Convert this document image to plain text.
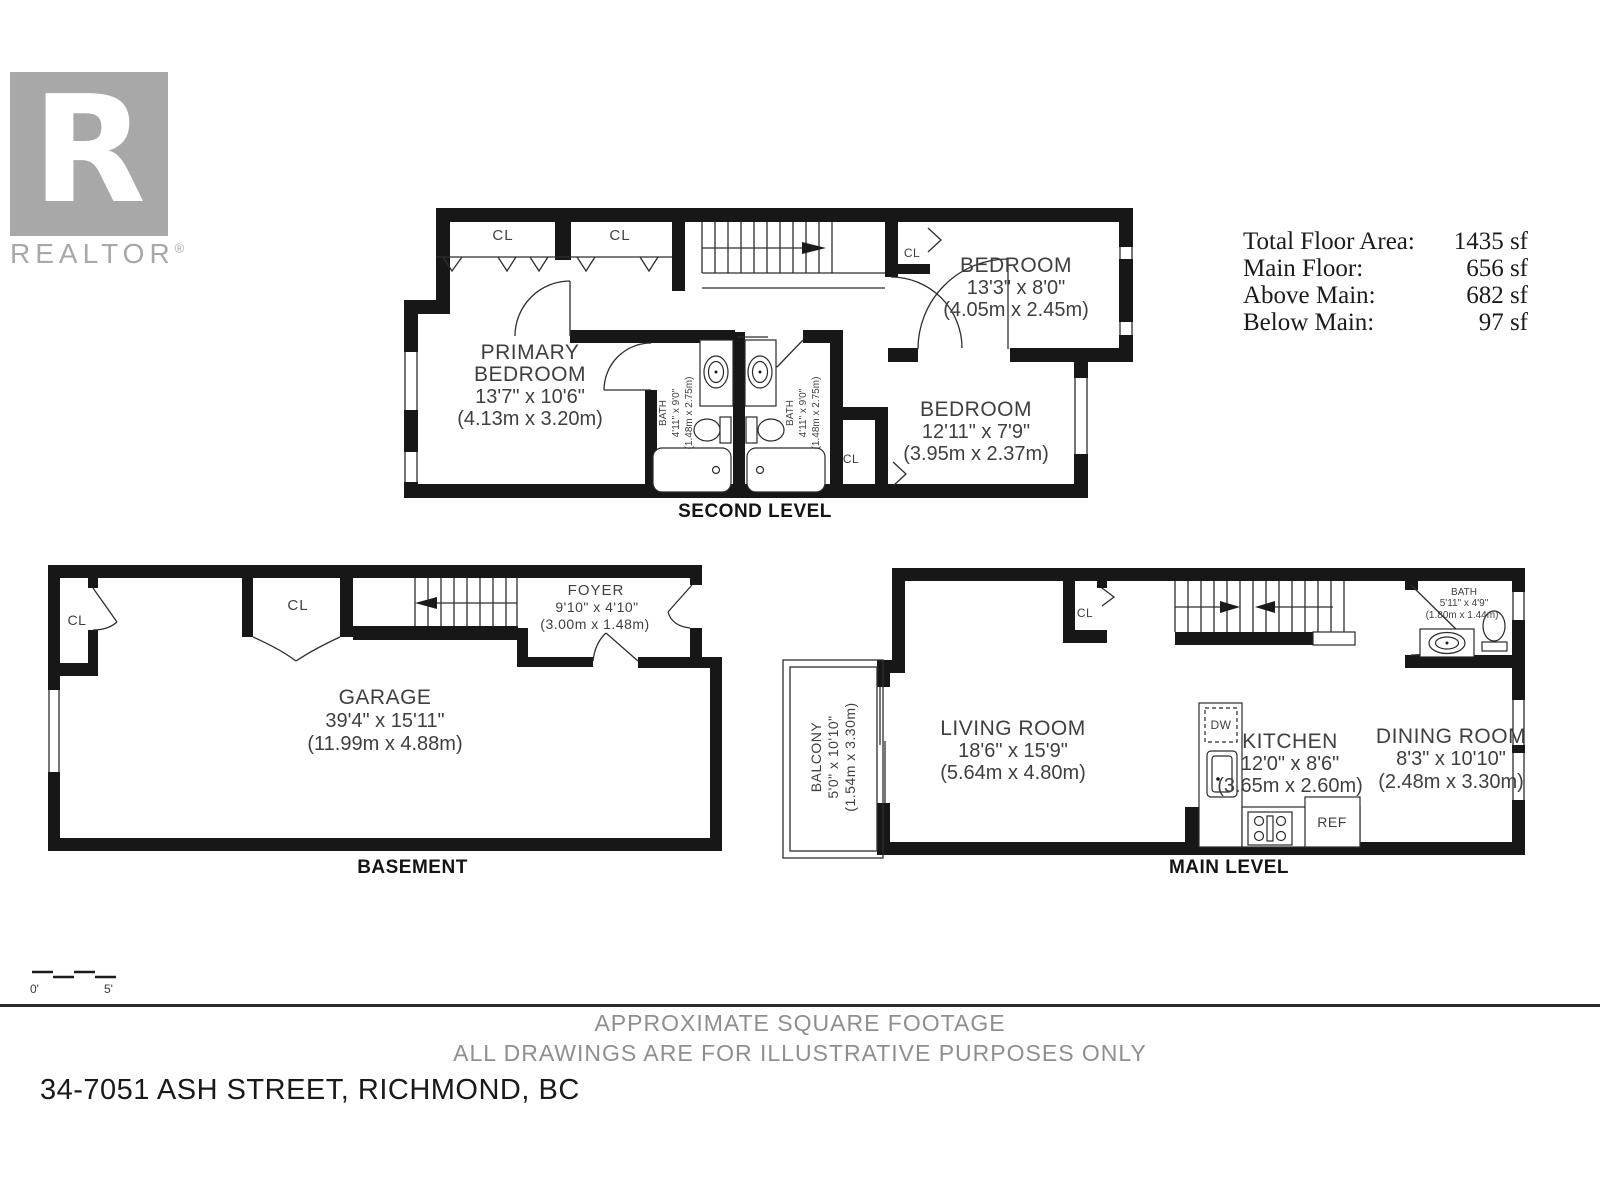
R
REALTOR®	Total Floor Area: 1435 sf
Main Floor:	656 sf
Above Main:	682 sf
Below Main:	97 sf
CL	CL
CL
CL
PRIMARY
BEDROOM
13'7" x 10'6"
(4.13m x 3.20m)
BEDROOM
13'3" x 8'0"
(4.05m x 2.45m)
BEDROOM
12'11" x 7'9"
(3.95m x 2.37m)
BATH 4'11" x 9'0" (1.48m x 2.75m)	BATH 4'11" x 9'0" (1.48m x 2.75m)
SECOND LEVEL
CL
CL
GARAGE
39'4" x 15'11"
(11.99m x 4.88m)
FOYER
9'10" x 4'10"
(3.00m x 1.48m)
BASEMENT
CL
LIVING ROOM
18'6" x 15'9"
(5.64m x 4.80m)
KITCHEN
12'0" x 8'6"
(3.65m x 2.60m)
DINING ROOM
8'3" x 10'10"
(2.48m x 3.30m)
BATH
5'11" x 4'9"
(1.80m x 1.44m)
BALCONY 5'0" x 10'10" (1.54m x 3.30m)	DW
REF
MAIN LEVEL
0'	5'
APPROXIMATE SQUARE FOOTAGE
ALL DRAWINGS ARE FOR ILLUSTRATIVE PURPOSES ONLY
34-7051 ASH STREET, RICHMOND, BC
